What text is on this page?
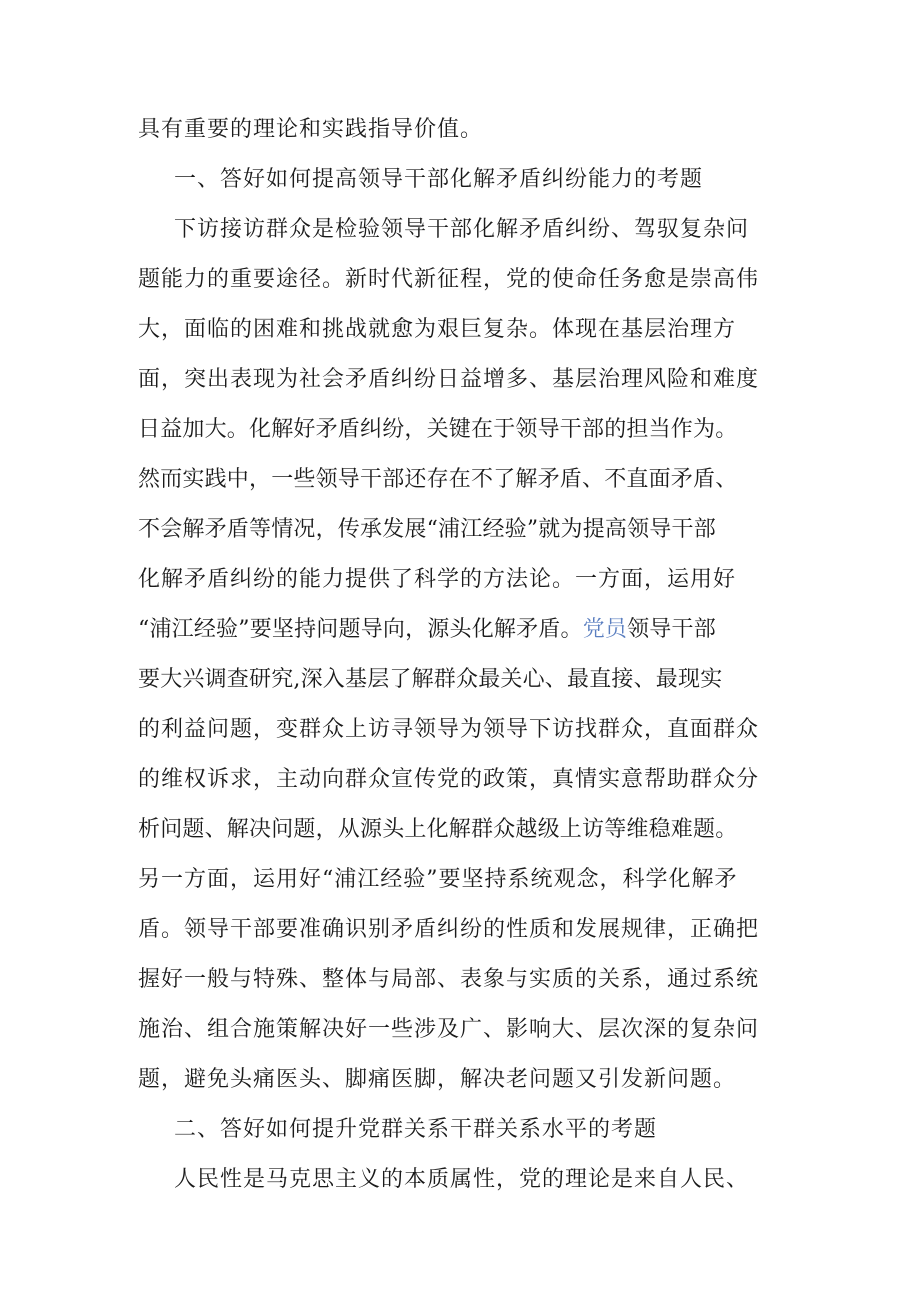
具有重要的理论和实践指导价值。
一、答好如何提高领导干部化解矛盾纠纷能力的考题
下访接访群众是检验领导干部化解矛盾纠纷、驾驭复杂问
题能力的重要途径。新时代新征程，党的使命任务愈是崇高伟
大，面临的困难和挑战就愈为艰巨复杂。体现在基层治理方
面，突出表现为社会矛盾纠纷日益增多、基层治理风险和难度
日益加大。化解好矛盾纠纷，关键在于领导干部的担当作为。
然而实践中，一些领导干部还存在不了解矛盾、不直面矛盾、
不会解矛盾等情况，传承发展“浦江经验”就为提高领导干部
化解矛盾纠纷的能力提供了科学的方法论。一方面，运用好
“浦江经验”要坚持问题导向，源头化解矛盾。党员领导干部
要大兴调查研究,深入基层了解群众最关心、最直接、最现实
的利益问题，变群众上访寻领导为领导下访找群众，直面群众
的维权诉求，主动向群众宣传党的政策，真情实意帮助群众分
析问题、解决问题，从源头上化解群众越级上访等维稳难题。
另一方面，运用好“浦江经验”要坚持系统观念，科学化解矛
盾。领导干部要准确识别矛盾纠纷的性质和发展规律，正确把
握好一般与特殊、整体与局部、表象与实质的关系，通过系统
施治、组合施策解决好一些涉及广、影响大、层次深的复杂问
题，避免头痛医头、脚痛医脚，解决老问题又引发新问题。
二、答好如何提升党群关系干群关系水平的考题
人民性是马克思主义的本质属性，党的理论是来自人民、
